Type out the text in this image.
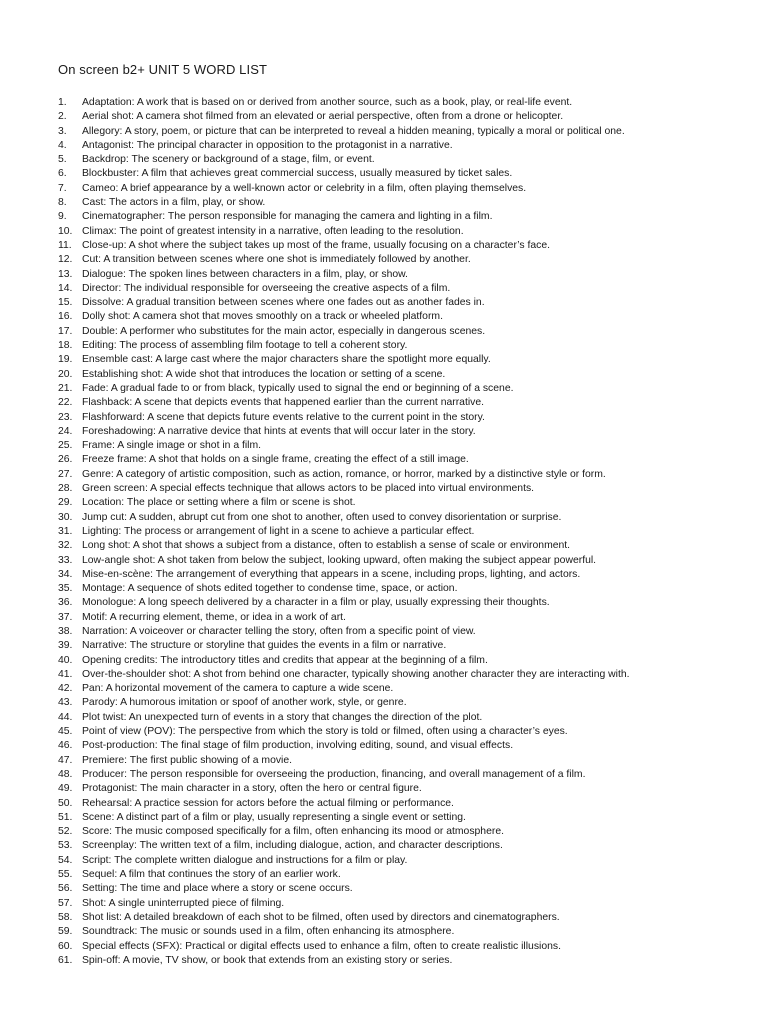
On screen b2+ UNIT 5 WORD LIST
1.	Adaptation: A work that is based on or derived from another source, such as a book, play, or real-life event.
2.	Aerial shot: A camera shot filmed from an elevated or aerial perspective, often from a drone or helicopter.
3.	Allegory: A story, poem, or picture that can be interpreted to reveal a hidden meaning, typically a moral or political one.
4.	Antagonist: The principal character in opposition to the protagonist in a narrative.
5.	Backdrop: The scenery or background of a stage, film, or event.
6.	Blockbuster: A film that achieves great commercial success, usually measured by ticket sales.
7.	Cameo: A brief appearance by a well-known actor or celebrity in a film, often playing themselves.
8.	Cast: The actors in a film, play, or show.
9.	Cinematographer: The person responsible for managing the camera and lighting in a film.
10. Climax: The point of greatest intensity in a narrative, often leading to the resolution.
11. Close-up: A shot where the subject takes up most of the frame, usually focusing on a character’s face.
12. Cut: A transition between scenes where one shot is immediately followed by another.
13. Dialogue: The spoken lines between characters in a film, play, or show.
14. Director: The individual responsible for overseeing the creative aspects of a film.
15. Dissolve: A gradual transition between scenes where one fades out as another fades in.
16. Dolly shot: A camera shot that moves smoothly on a track or wheeled platform.
17. Double: A performer who substitutes for the main actor, especially in dangerous scenes.
18. Editing: The process of assembling film footage to tell a coherent story.
19. Ensemble cast: A large cast where the major characters share the spotlight more equally.
20. Establishing shot: A wide shot that introduces the location or setting of a scene.
21. Fade: A gradual fade to or from black, typically used to signal the end or beginning of a scene.
22. Flashback: A scene that depicts events that happened earlier than the current narrative.
23. Flashforward: A scene that depicts future events relative to the current point in the story.
24. Foreshadowing: A narrative device that hints at events that will occur later in the story.
25. Frame: A single image or shot in a film.
26. Freeze frame: A shot that holds on a single frame, creating the effect of a still image.
27. Genre: A category of artistic composition, such as action, romance, or horror, marked by a distinctive style or form.
28. Green screen: A special effects technique that allows actors to be placed into virtual environments.
29. Location: The place or setting where a film or scene is shot.
30. Jump cut: A sudden, abrupt cut from one shot to another, often used to convey disorientation or surprise.
31. Lighting: The process or arrangement of light in a scene to achieve a particular effect.
32. Long shot: A shot that shows a subject from a distance, often to establish a sense of scale or environment.
33. Low-angle shot: A shot taken from below the subject, looking upward, often making the subject appear powerful.
34. Mise-en-scène: The arrangement of everything that appears in a scene, including props, lighting, and actors.
35. Montage: A sequence of shots edited together to condense time, space, or action.
36. Monologue: A long speech delivered by a character in a film or play, usually expressing their thoughts.
37. Motif: A recurring element, theme, or idea in a work of art.
38. Narration: A voiceover or character telling the story, often from a specific point of view.
39. Narrative: The structure or storyline that guides the events in a film or narrative.
40. Opening credits: The introductory titles and credits that appear at the beginning of a film.
41. Over-the-shoulder shot: A shot from behind one character, typically showing another character they are interacting with.
42. Pan: A horizontal movement of the camera to capture a wide scene.
43. Parody: A humorous imitation or spoof of another work, style, or genre.
44. Plot twist: An unexpected turn of events in a story that changes the direction of the plot.
45. Point of view (POV): The perspective from which the story is told or filmed, often using a character’s eyes.
46. Post-production: The final stage of film production, involving editing, sound, and visual effects.
47. Premiere: The first public showing of a movie.
48. Producer: The person responsible for overseeing the production, financing, and overall management of a film.
49. Protagonist: The main character in a story, often the hero or central figure.
50. Rehearsal: A practice session for actors before the actual filming or performance.
51. Scene: A distinct part of a film or play, usually representing a single event or setting.
52. Score: The music composed specifically for a film, often enhancing its mood or atmosphere.
53. Screenplay: The written text of a film, including dialogue, action, and character descriptions.
54. Script: The complete written dialogue and instructions for a film or play.
55. Sequel: A film that continues the story of an earlier work.
56. Setting: The time and place where a story or scene occurs.
57. Shot: A single uninterrupted piece of filming.
58. Shot list: A detailed breakdown of each shot to be filmed, often used by directors and cinematographers.
59. Soundtrack: The music or sounds used in a film, often enhancing its atmosphere.
60. Special effects (SFX): Practical or digital effects used to enhance a film, often to create realistic illusions.
61. Spin-off: A movie, TV show, or book that extends from an existing story or series.
